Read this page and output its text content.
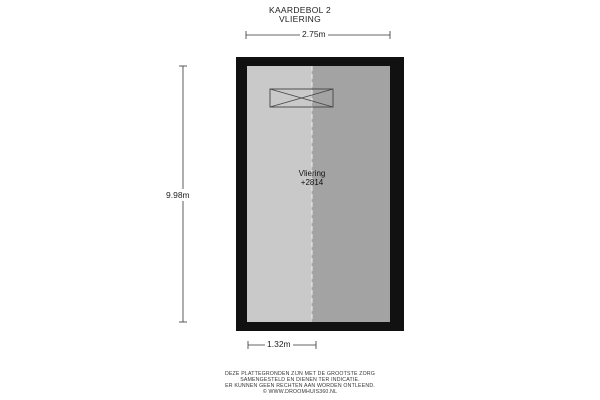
KAARDEBOL 2
VLIERING
2.75m
9.98m
1.32m
Vliering
+2814
DEZE PLATTEGRONDEN ZIJN MET DE GROOTSTE ZORG
SAMENGESTELD EN DIENEN TER INDICATIE.
ER KUNNEN GEEN RECHTEN AAN WORDEN ONTLEEND.
© WWW.DROOMHUIS360.NL
